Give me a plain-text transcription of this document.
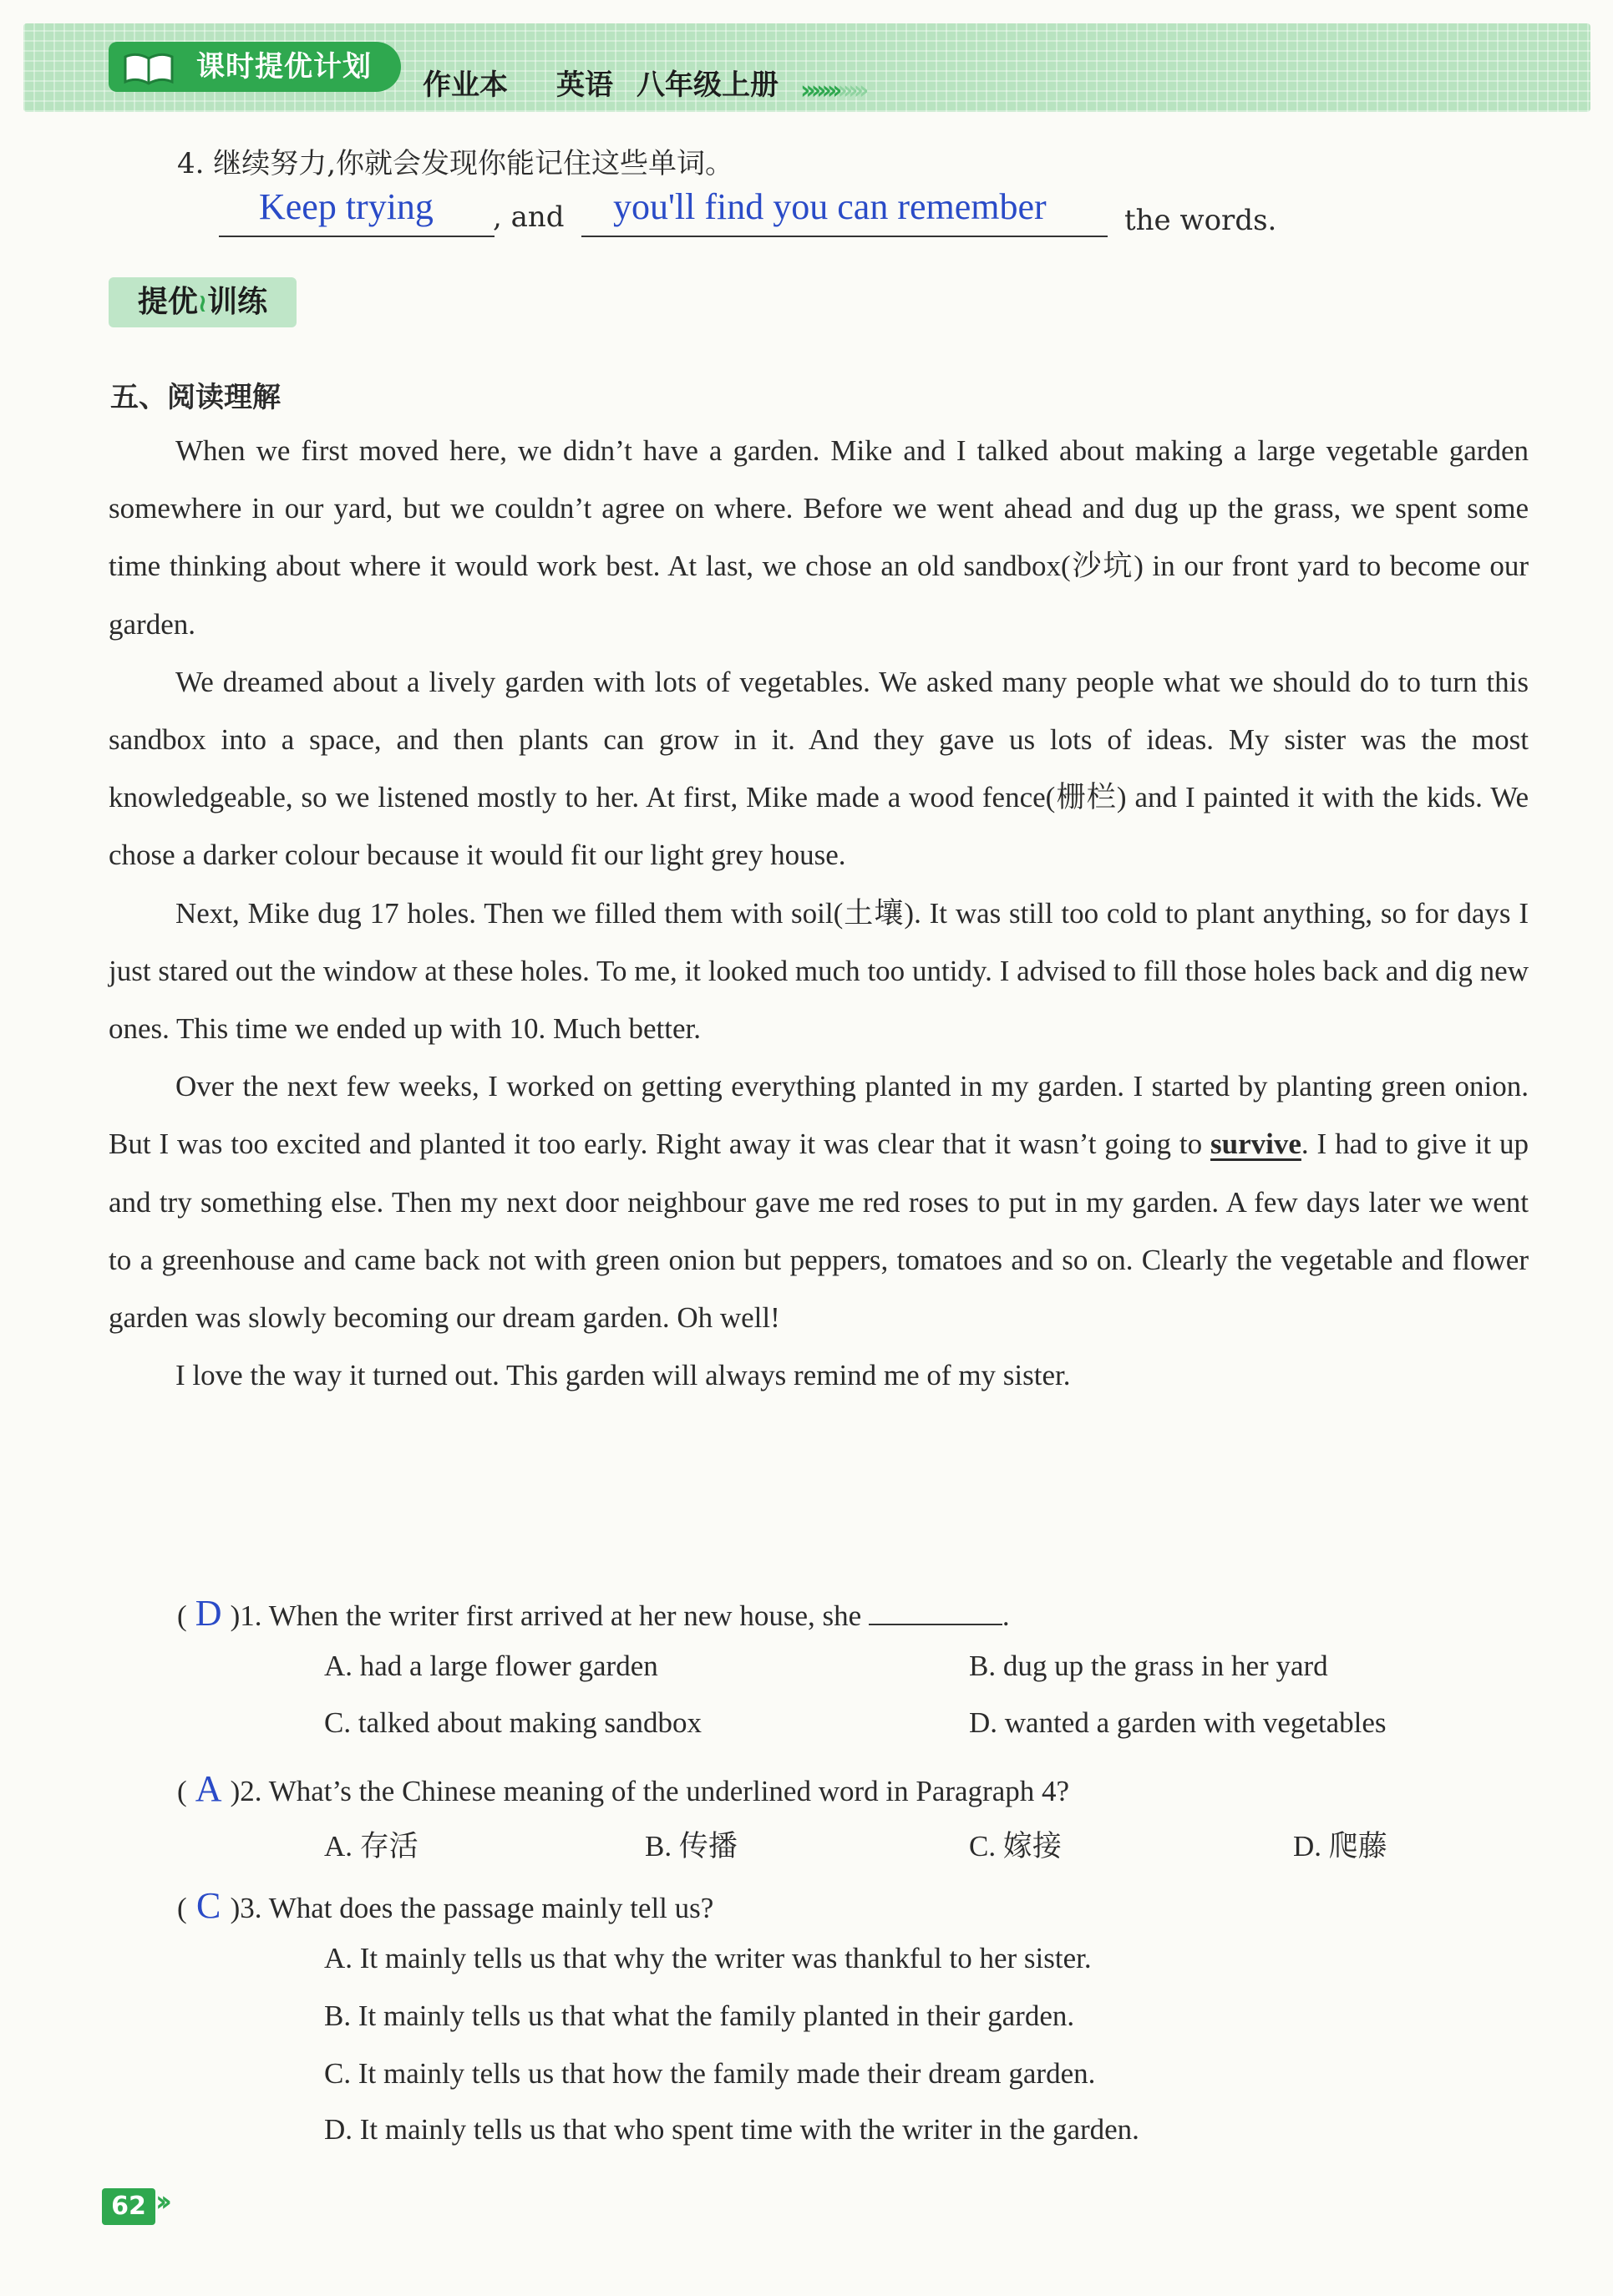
课时提优计划
作业本 英语 八年级上册 ››››››››››››
4. 继续努力,你就会发现你能记住这些单词。
Keep trying , and you'll find you can remember	the words.
提优≀训练
五、阅读理解

When we first moved here, we didn’t have a garden. Mike and I talked about making a large vegetable garden somewhere in our yard, but we couldn’t agree on where. Before we went ahead and dug up the grass, we spent some time thinking about where it would work best. At last, we chose an old sandbox(沙坑) in our front yard to become our garden.

We dreamed about a lively garden with lots of vegetables. We asked many people what we should do to turn this sandbox into a space, and then plants can grow in it. And they gave us lots of ideas. My sister was the most knowledgeable, so we listened mostly to her. At first, Mike made a wood fence(栅栏) and I painted it with the kids. We chose a darker colour because it would fit our light grey house.

Next, Mike dug 17 holes. Then we filled them with soil(土壤). It was still too cold to plant anything, so for days I just stared out the window at these holes. To me, it looked much too untidy. I advised to fill those holes back and dig new ones. This time we ended up with 10. Much better.

Over the next few weeks, I worked on getting everything planted in my garden. I started by planting green onion. But I was too excited and planted it too early. Right away it was clear that it wasn’t going to survive. I had to give it up and try something else. Then my next door neighbour gave me red roses to put in my garden. A few days later we went to a greenhouse and came back not with green onion but peppers, tomatoes and so on. Clearly the vegetable and flower garden was slowly becoming our dream garden. Oh well!

I love the way it turned out. This garden will always remind me of my sister.

( D )1. When the writer first arrived at her new house, she	.
A. had a large flower garden	B. dug up the grass in her yard
C. talked about making sandbox	D. wanted a garden with vegetables
( A )2. What’s the Chinese meaning of the underlined word in Paragraph 4?
A. 存活	B. 传播	C. 嫁接	D. 爬藤
( C )3. What does the passage mainly tell us?
A. It mainly tells us that why the writer was thankful to her sister.
B. It mainly tells us that what the family planted in their garden.
C. It mainly tells us that how the family made their dream garden.
D. It mainly tells us that who spent time with the writer in the garden.
62 ››
